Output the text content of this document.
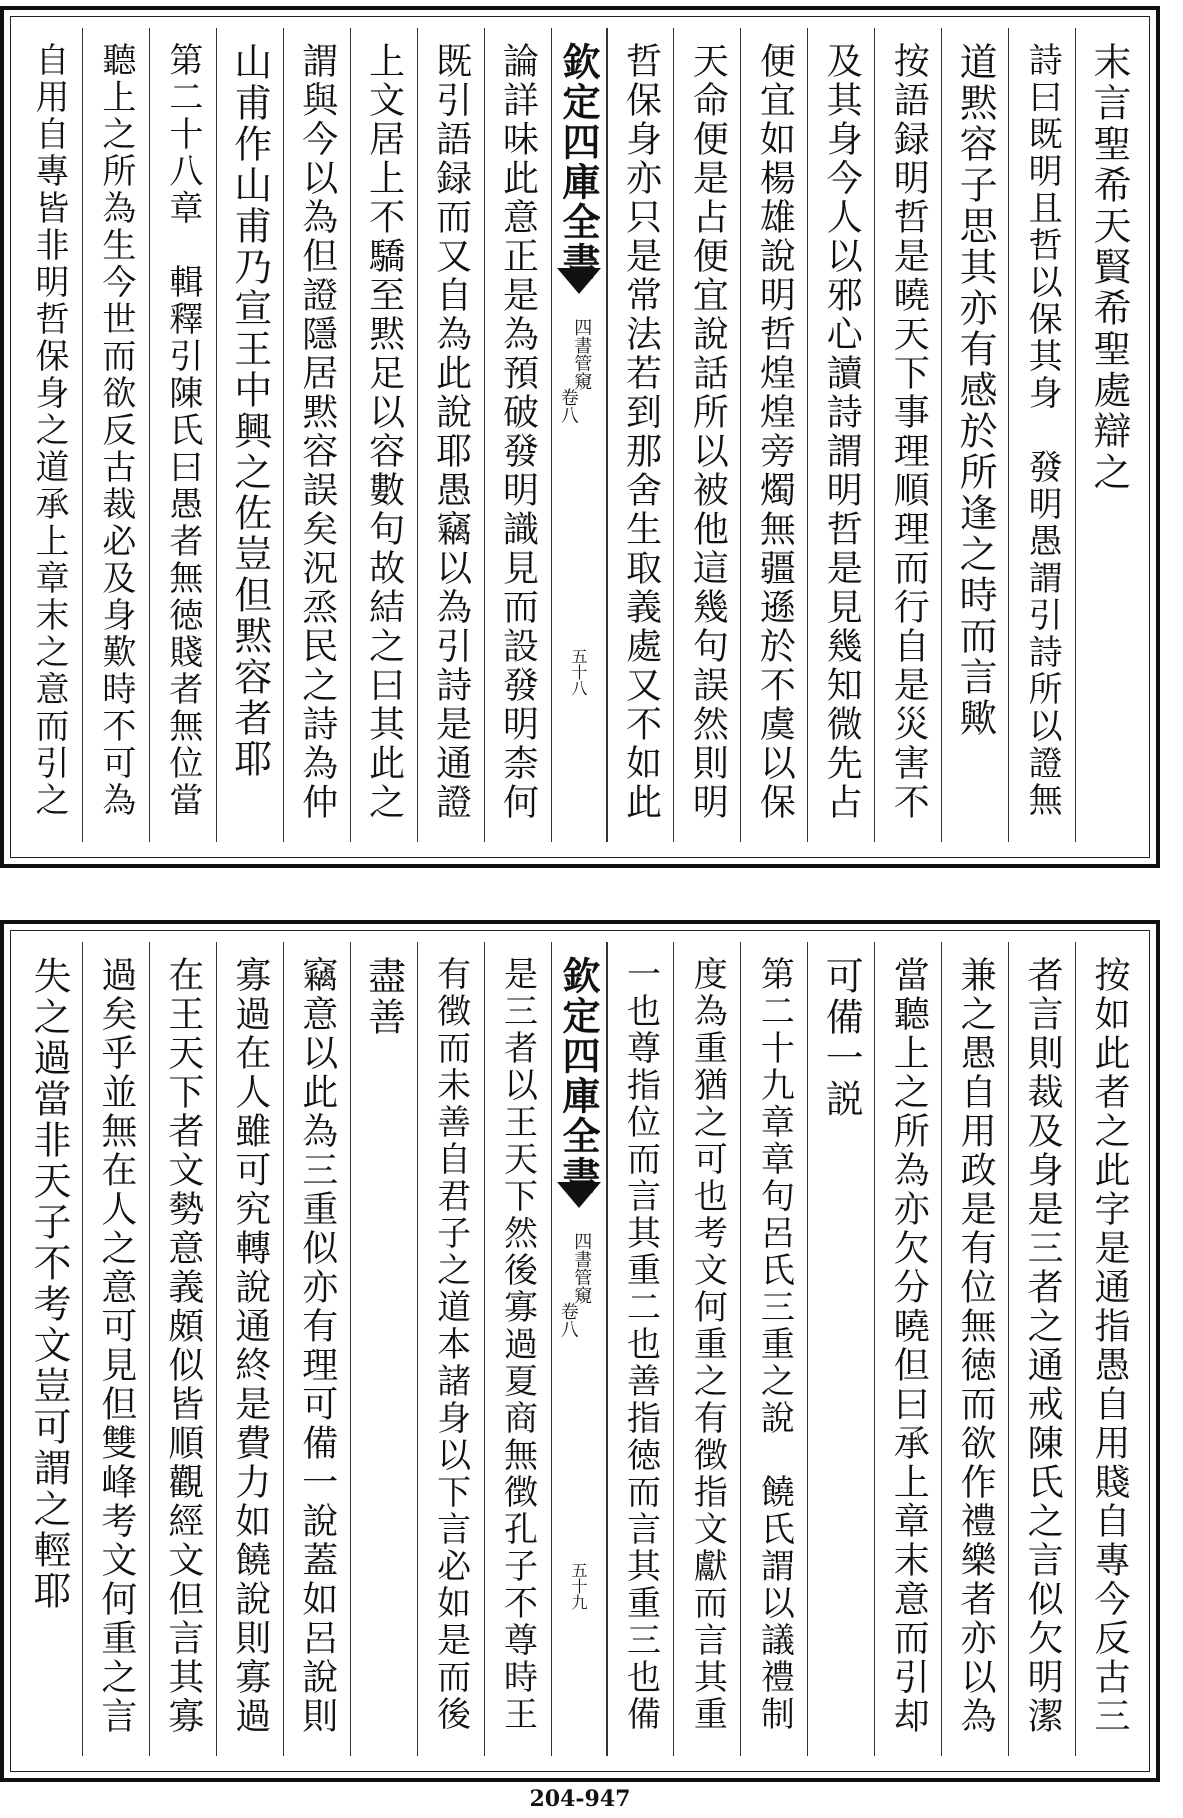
末言聖希天賢希聖處辯之
詩曰既明且哲以保其身　發明愚謂引詩所以證無
道黙容子思其亦有感於所逢之時而言歟
按語録明哲是曉天下事理順理而行自是災害不
及其身今人以邪心讀詩謂明哲是見幾知微先占
便宜如楊雄說明哲煌煌旁燭無疆遜於不虞以保
天命便是占便宜說話所以被他這幾句誤然則明
哲保身亦只是常法若到那舍生取義處又不如此
欽定四庫全書
四書管窺
卷八
五十八
論詳味此意正是為預破發明識見而設發明柰何
既引語録而又自為此說耶愚竊以為引詩是通證
上文居上不驕至黙足以容數句故結之曰其此之
謂與今以為但證隱居黙容誤矣況烝民之詩為仲
山甫作山甫乃宣王中興之佐豈但黙容者耶
第二十八章　輯釋引陳氏曰愚者無徳賤者無位當
聽上之所為生今世而欲反古裁必及身歎時不可為
自用自專皆非明哲保身之道承上章末之意而引之
按如此者之此字是通指愚自用賤自專今反古三
者言則裁及身是三者之通戒陳氏之言似欠明潔
兼之愚自用政是有位無徳而欲作禮樂者亦以為
當聽上之所為亦欠分曉但曰承上章末意而引却
可備一説
第二十九章章句呂氏三重之說　饒氏謂以議禮制
度為重猶之可也考文何重之有徴指文獻而言其重
一也尊指位而言其重二也善指徳而言其重三也備
欽定四庫全書
四書管窺
卷八
五十九
是三者以王天下然後寡過夏商無徴孔子不尊時王
有徴而未善自君子之道本諸身以下言必如是而後
盡善
竊意以此為三重似亦有理可備一說蓋如呂說則
寡過在人雖可究轉說通終是費力如饒說則寡過
在王天下者文勢意義頗似皆順觀經文但言其寡
過矣乎並無在人之意可見但雙峰考文何重之言
失之過當非天子不考文豈可謂之輕耶
204-947
